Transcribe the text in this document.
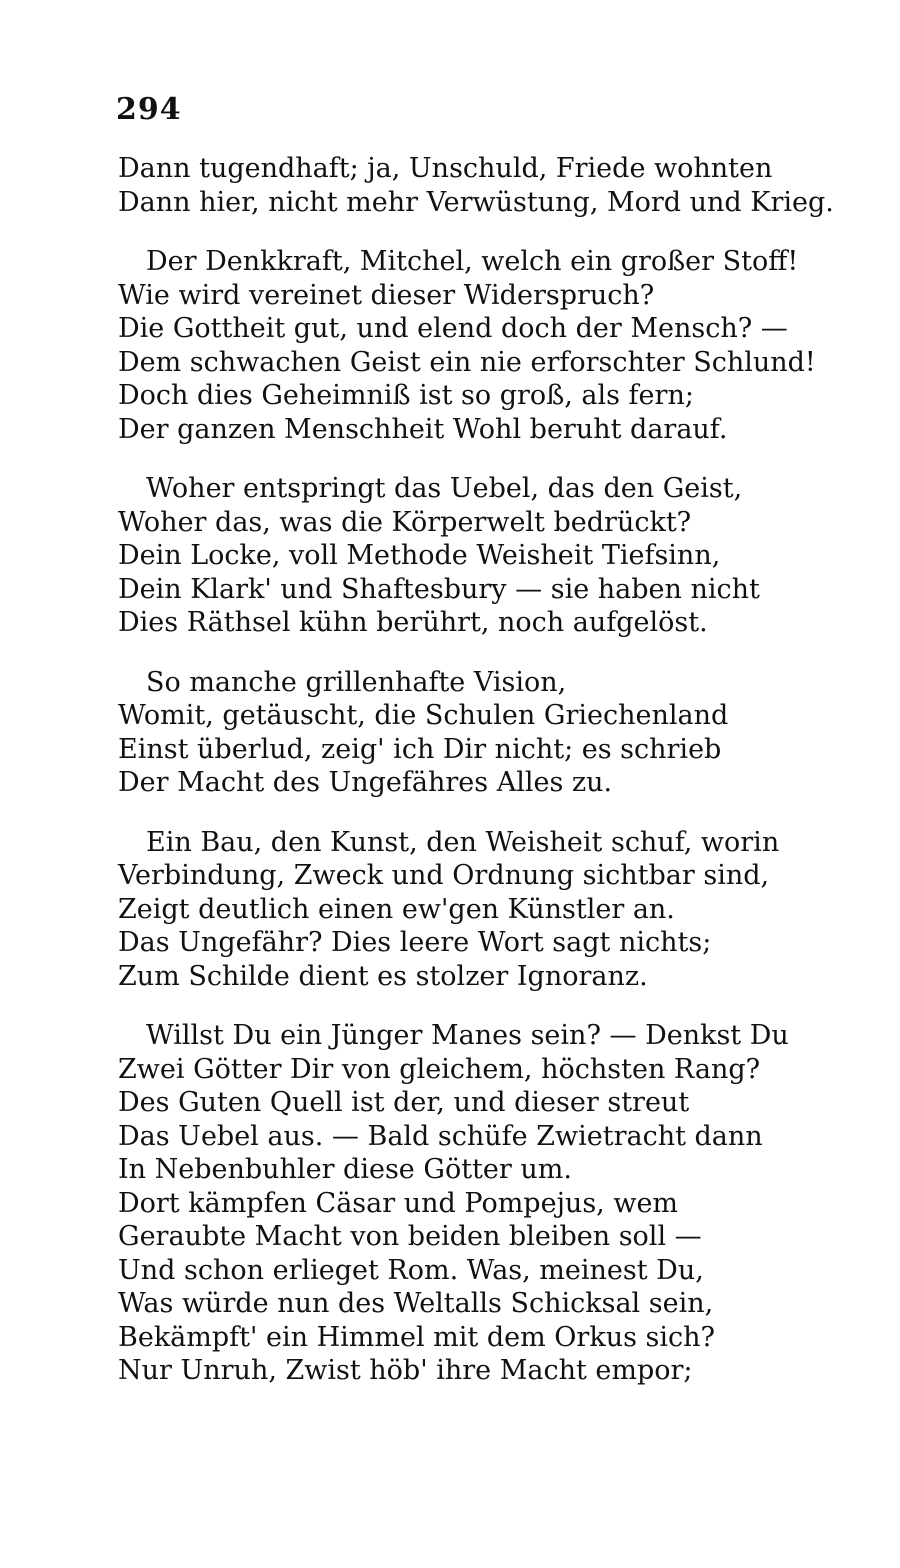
294
Dann tugendhaft; ja, Unschuld, Friede wohnten
Dann hier, nicht mehr Verwüstung, Mord und Krieg.
Der Denkkraft, Mitchel, welch ein großer Stoff!
Wie wird vereinet dieser Widerspruch?
Die Gottheit gut, und elend doch der Mensch? —
Dem schwachen Geist ein nie erforschter Schlund!
Doch dies Geheimniß ist so groß, als fern;
Der ganzen Menschheit Wohl beruht darauf.
Woher entspringt das Uebel, das den Geist,
Woher das, was die Körperwelt bedrückt?
Dein Locke, voll Methode Weisheit Tiefsinn,
Dein Klark' und Shaftesbury — sie haben nicht
Dies Räthsel kühn berührt, noch aufgelöst.
So manche grillenhafte Vision,
Womit, getäuscht, die Schulen Griechenland
Einst überlud, zeig' ich Dir nicht; es schrieb
Der Macht des Ungefähres Alles zu.
Ein Bau, den Kunst, den Weisheit schuf, worin
Verbindung, Zweck und Ordnung sichtbar sind,
Zeigt deutlich einen ew'gen Künstler an.
Das Ungefähr? Dies leere Wort sagt nichts;
Zum Schilde dient es stolzer Ignoranz.
Willst Du ein Jünger Manes sein? — Denkst Du
Zwei Götter Dir von gleichem, höchsten Rang?
Des Guten Quell ist der, und dieser streut
Das Uebel aus. — Bald schüfe Zwietracht dann
In Nebenbuhler diese Götter um.
Dort kämpfen Cäsar und Pompejus, wem
Geraubte Macht von beiden bleiben soll —
Und schon erlieget Rom. Was, meinest Du,
Was würde nun des Weltalls Schicksal sein,
Bekämpft' ein Himmel mit dem Orkus sich?
Nur Unruh, Zwist höb' ihre Macht empor;
